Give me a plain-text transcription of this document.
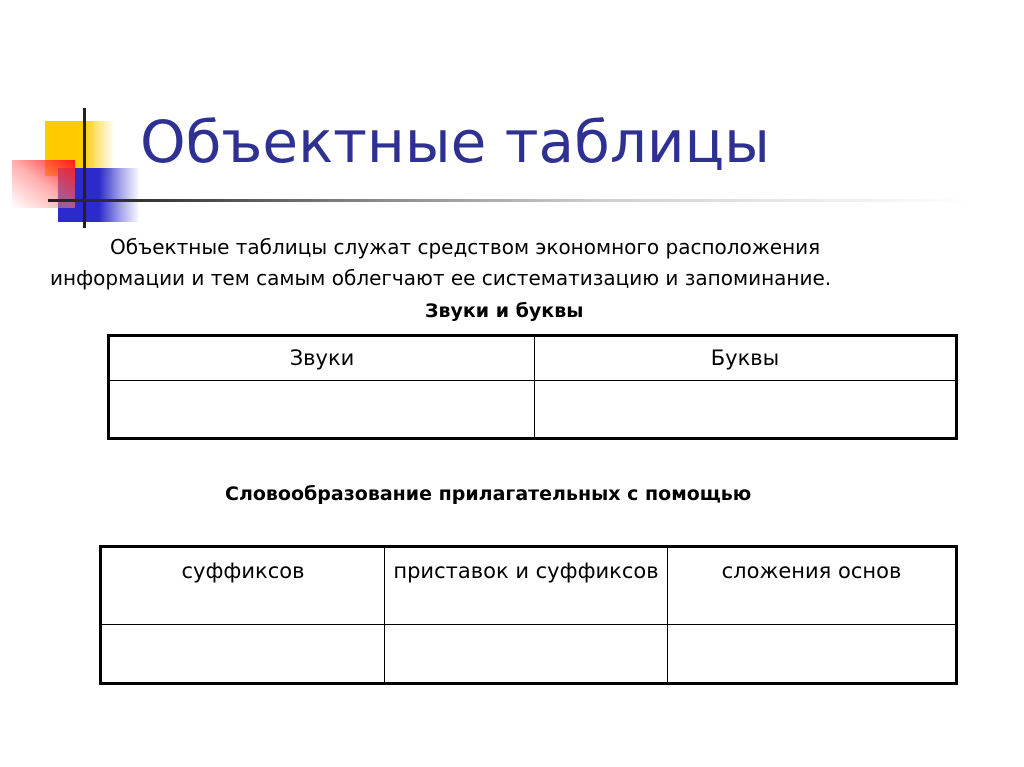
Объектные таблицы
Объектные таблицы служат средством экономного расположения
информации и тем самым облегчают ее систематизацию и запоминание.
Звуки и буквы
Звуки	Буквы

Словообразование прилагательных с помощью
суффиксов	приставок и суффиксов	сложения основ
